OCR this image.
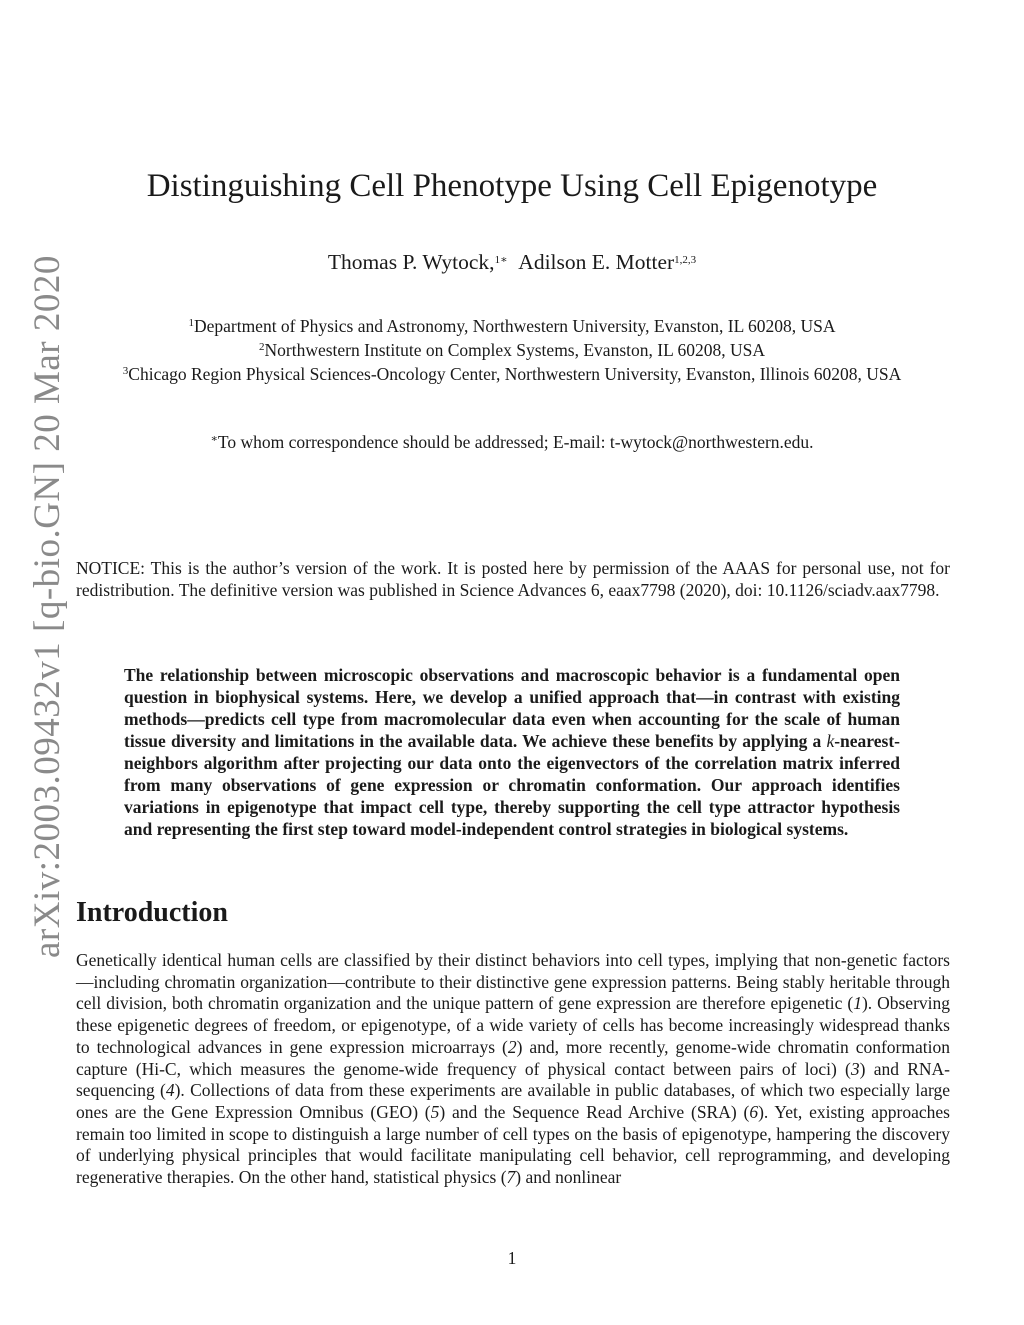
arXiv:2003.09432v1 [q-bio.GN] 20 Mar 2020
Distinguishing Cell Phenotype Using Cell Epigenotype
Thomas P. Wytock,$^{1∗}$ Adilson E. Motter$^{1,2,3}$
$^1$Department of Physics and Astronomy, Northwestern University, Evanston, IL 60208, USA
$^2$Northwestern Institute on Complex Systems, Evanston, IL 60208, USA
$^3$Chicago Region Physical Sciences-Oncology Center, Northwestern University, Evanston, Illinois 60208, USA
∗To whom correspondence should be addressed; E-mail: t-wytock@northwestern.edu.

NOTICE: This is the author’s version of the work. It is posted here by permission of the AAAS for personal use, not for redistribution. The definitive version was published in Science Advances 6, eaax7798 (2020), doi: 10.1126/sciadv.aax7798.

The relationship between microscopic observations and macroscopic behavior is a fundamental open question in biophysical systems. Here, we develop a unified approach that—in contrast with existing methods—predicts cell type from macromolecular data even when accounting for the scale of human tissue diversity and limitations in the available data. We achieve these benefits by applying a k-nearest-neighbors algorithm after projecting our data onto the eigenvectors of the correlation matrix inferred from many observations of gene expression or chromatin conformation. Our approach identifies variations in epigenotype that impact cell type, thereby supporting the cell type attractor hypothesis and representing the first step toward model-independent control strategies in biological systems.

Introduction

Genetically identical human cells are classified by their distinct behaviors into cell types, implying that non-genetic factors—including chromatin organization—contribute to their distinctive gene expression patterns. Being stably heritable through cell division, both chromatin organization and the unique pattern of gene expression are therefore epigenetic (1). Observing these epigenetic degrees of freedom, or epigenotype, of a wide variety of cells has become increasingly widespread thanks to technological advances in gene expression microarrays (2) and, more recently, genome-wide chromatin conformation capture (Hi-C, which measures the genome-wide frequency of physical contact between pairs of loci) (3) and RNA-sequencing (4). Collections of data from these experiments are available in public databases, of which two especially large ones are the Gene Expression Omnibus (GEO) (5) and the Sequence Read Archive (SRA) (6). Yet, existing approaches remain too limited in scope to distinguish a large number of cell types on the basis of epigenotype, hampering the discovery of underlying physical principles that would facilitate manipulating cell behavior, cell reprogramming, and developing regenerative therapies. On the other hand, statistical physics (7) and nonlinear

1
